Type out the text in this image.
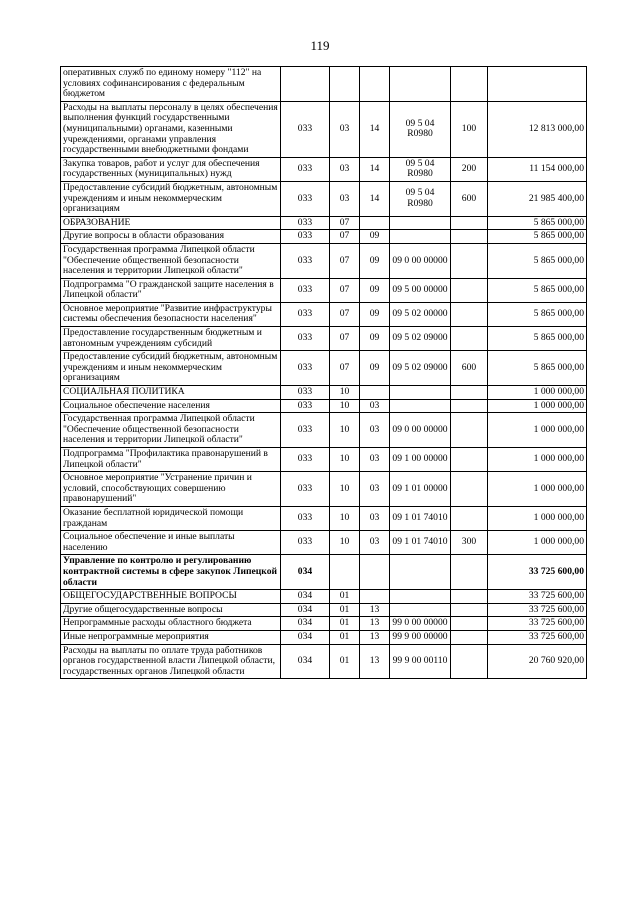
119
оперативных служб по единому номеру "112" на условиях софинансирования с федеральным бюджетом						
Расходы на выплаты персоналу в целях обеспечения выполнения функций государственными (муниципальными) органами, казенными учреждениями, органами управления государственными внебюджетными фондами	033	03	14	09 5 04 R0980	100	12 813 000,00
Закупка товаров, работ и услуг для обеспечения государственных (муниципальных) нужд	033	03	14	09 5 04 R0980	200	11 154 000,00
Предоставление субсидий бюджетным, автономным учреждениям и иным некоммерческим организациям	033	03	14	09 5 04 R0980	600	21 985 400,00
ОБРАЗОВАНИЕ	033	07				5 865 000,00
Другие вопросы в области образования	033	07	09			5 865 000,00
Государственная программа Липецкой области "Обеспечение общественной безопасности населения и территории Липецкой области"	033	07	09	09 0 00 00000		5 865 000,00
Подпрограмма "О гражданской защите населения в Липецкой области"	033	07	09	09 5 00 00000		5 865 000,00
Основное мероприятие "Развитие инфраструктуры системы обеспечения безопасности населения"	033	07	09	09 5 02 00000		5 865 000,00
Предоставление государственным бюджетным и автономным учреждениям субсидий	033	07	09	09 5 02 09000		5 865 000,00
Предоставление субсидий бюджетным, автономным учреждениям и иным некоммерческим организациям	033	07	09	09 5 02 09000	600	5 865 000,00
СОЦИАЛЬНАЯ ПОЛИТИКА	033	10				1 000 000,00
Социальное обеспечение населения	033	10	03			1 000 000,00
Государственная программа Липецкой области "Обеспечение общественной безопасности населения и территории Липецкой области"	033	10	03	09 0 00 00000		1 000 000,00
Подпрограмма "Профилактика правонарушений в Липецкой области"	033	10	03	09 1 00 00000		1 000 000,00
Основное мероприятие "Устранение причин и условий, способствующих совершению правонарушений"	033	10	03	09 1 01 00000		1 000 000,00
Оказание бесплатной юридической помощи гражданам	033	10	03	09 1 01 74010		1 000 000,00
Социальное обеспечение и иные выплаты населению	033	10	03	09 1 01 74010	300	1 000 000,00
Управление по контролю и регулированию контрактной системы в сфере закупок Липецкой области	034					33 725 600,00
ОБЩЕГОСУДАРСТВЕННЫЕ ВОПРОСЫ	034	01				33 725 600,00
Другие общегосударственные вопросы	034	01	13			33 725 600,00
Непрограммные расходы областного бюджета	034	01	13	99 0 00 00000		33 725 600,00
Иные непрограммные мероприятия	034	01	13	99 9 00 00000		33 725 600,00
Расходы на выплаты по оплате труда работников органов государственной власти Липецкой области, государственных органов Липецкой области	034	01	13	99 9 00 00110		20 760 920,00
